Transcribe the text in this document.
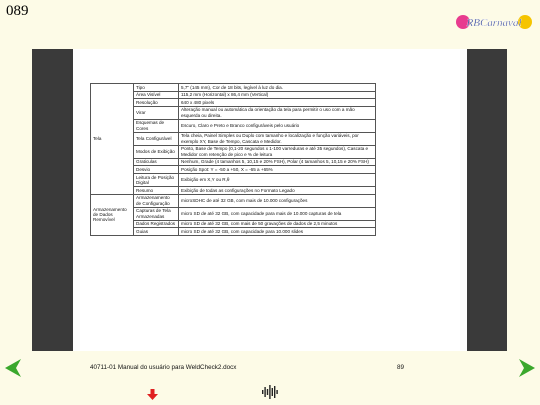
089
RBCarnaval
Tela	Tipo	5,7" (145 mm), Cor de 18 bits, legível à luz do dia.
	Área Visível	115,2 mm (Horizontal) x 86,4 mm (Vertical)
	Resolução	640 x 480 pixels
	Virar	Alteração manual ou automática da orientação da tela para permitir o uso com a mão esquerda ou direita.
	Esquemas de Cores	Escuro, Claro e Preto e Branco configuráveis pelo usuário
	Tela Configurável	Tela cheia, Painel Simples ou Duplo com tamanho e localização e função variáveis, por exemplo XY, Base de Tempo, Cascata e Medidor.
	Modos de Exibição	Ponto, Base de Tempo (0,1-20 segundos x 1-100 varreduras e até 35 segundos), Cascata e Medidor com retenção de pico e % de leitura
	Graticulas	Nenhum, Grade (4 tamanhos 5, 10,15 e 20% FSH), Polar (4 tamanhos 5, 10,15 e 20% FSH)
	Desvio	Posição Spot: Y = -50 a +50, X = -65 a +65%
	Leitura de Posição Digital	Exibição em X,Y ou R,θ
	Resumo	Exibição de todas as configurações no Formato Legado
Armazenamento de Dados Removível	Armazenamento de Configuração	microSDHC de até 32 GB, com mais de 10.000 configurações
	Capturas de Tela Armazenadas	micro SD de até 32 GB, com capacidade para mais de 10.000 capturas de tela
	Dados Registrados	micro SD de até 32 GB, com mais de 50 gravações de dados de 2,5 minutos
	Guias	micro SD de até 32 GB, com capacidade para 10.000 slides
40711-01 Manual do usuário para WeldCheck2.docx	89
